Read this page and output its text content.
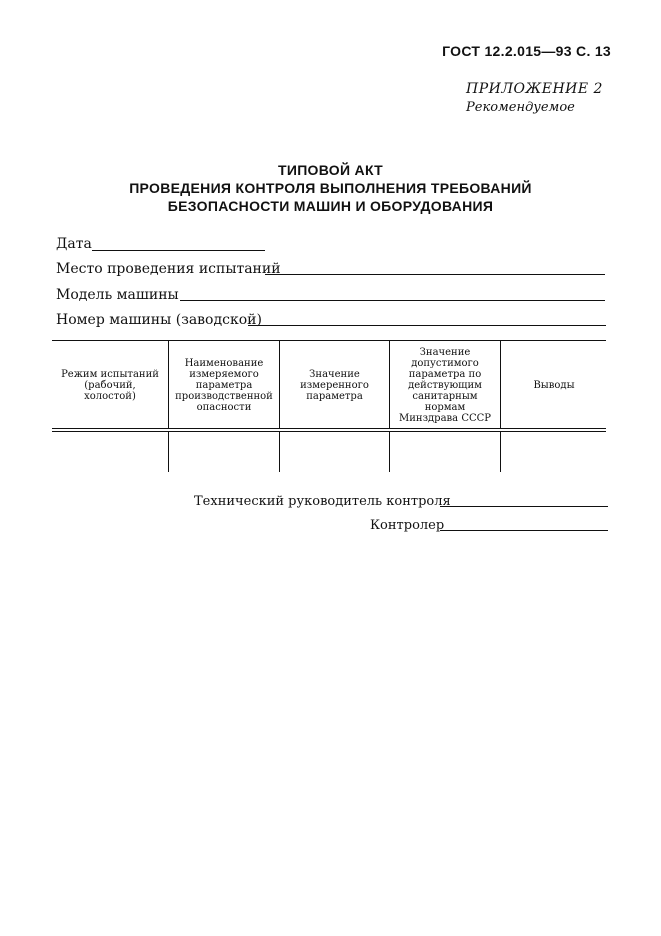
ГОСТ 12.2.015—93 С. 13
ПРИЛОЖЕНИЕ 2
Рекомендуемое
ТИПОВОЙ АКТ
ПРОВЕДЕНИЯ КОНТРОЛЯ ВЫПОЛНЕНИЯ ТРЕБОВАНИЙ
БЕЗОПАСНОСТИ МАШИН И ОБОРУДОВАНИЯ
Дата
Место проведения испытаний
Модель машины
Номер машины (заводской)
Режим испытаний (рабочий, холостой)
Наименование измеряемого параметра производственной опасности
Значение измеренного параметра
Значение допустимого параметра по действующим санитарным нормам Минздрава СССР
Выводы
Технический руководитель контроля
Контролер
